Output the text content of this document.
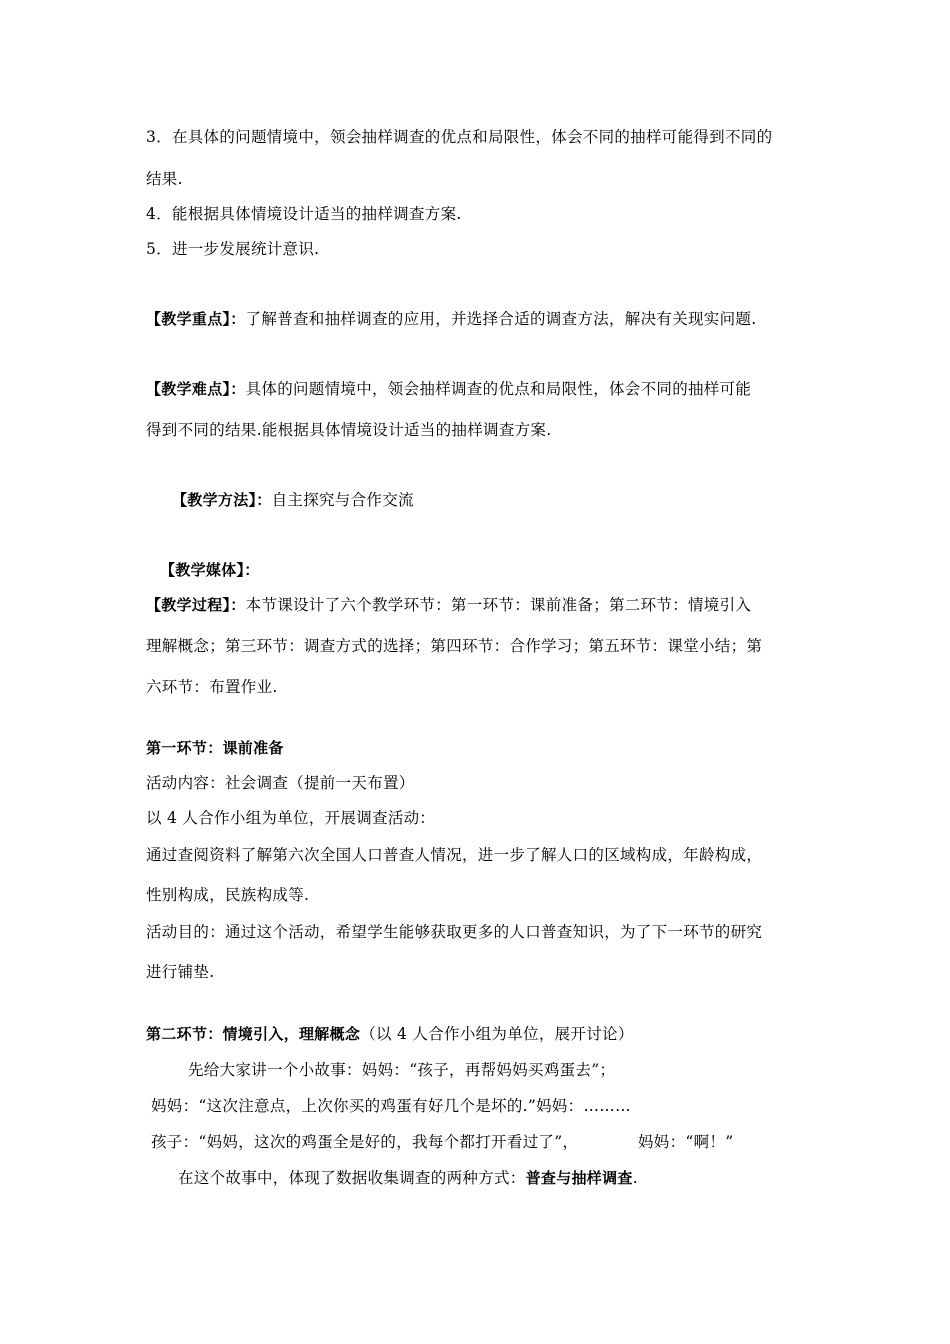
3．在具体的问题情境中，领会抽样调查的优点和局限性，体会不同的抽样可能得到不同的
结果.
4．能根据具体情境设计适当的抽样调查方案.
5．进一步发展统计意识.
【教学重点】：了解普查和抽样调查的应用，并选择合适的调查方法，解决有关现实问题.
【教学难点】：具体的问题情境中，领会抽样调查的优点和局限性，体会不同的抽样可能
得到不同的结果.能根据具体情境设计适当的抽样调查方案.
【教学方法】：自主探究与合作交流
【教学媒体】：
【教学过程】：本节课设计了六个教学环节：第一环节：课前准备；第二环节：情境引入
理解概念；第三环节：调查方式的选择；第四环节：合作学习；第五环节：课堂小结；第
六环节：布置作业.
第一环节：课前准备
活动内容：社会调查（提前一天布置）
以 4 人合作小组为单位，开展调查活动：
通过查阅资料了解第六次全国人口普查人情况，进一步了解人口的区域构成，年龄构成，
性别构成，民族构成等.
活动目的：通过这个活动，希望学生能够获取更多的人口普查知识，为了下一环节的研究
进行铺垫.
第二环节：情境引入，理解概念（以 4 人合作小组为单位，展开讨论）
先给大家讲一个小故事：妈妈：“孩子，再帮妈妈买鸡蛋去”；
妈妈：“这次注意点，上次你买的鸡蛋有好几个是坏的.”妈妈：………
孩子：“妈妈，这次的鸡蛋全是好的，我每个都打开看过了”，	妈妈：“啊！”
在这个故事中，体现了数据收集调查的两种方式：普查与抽样调查.
